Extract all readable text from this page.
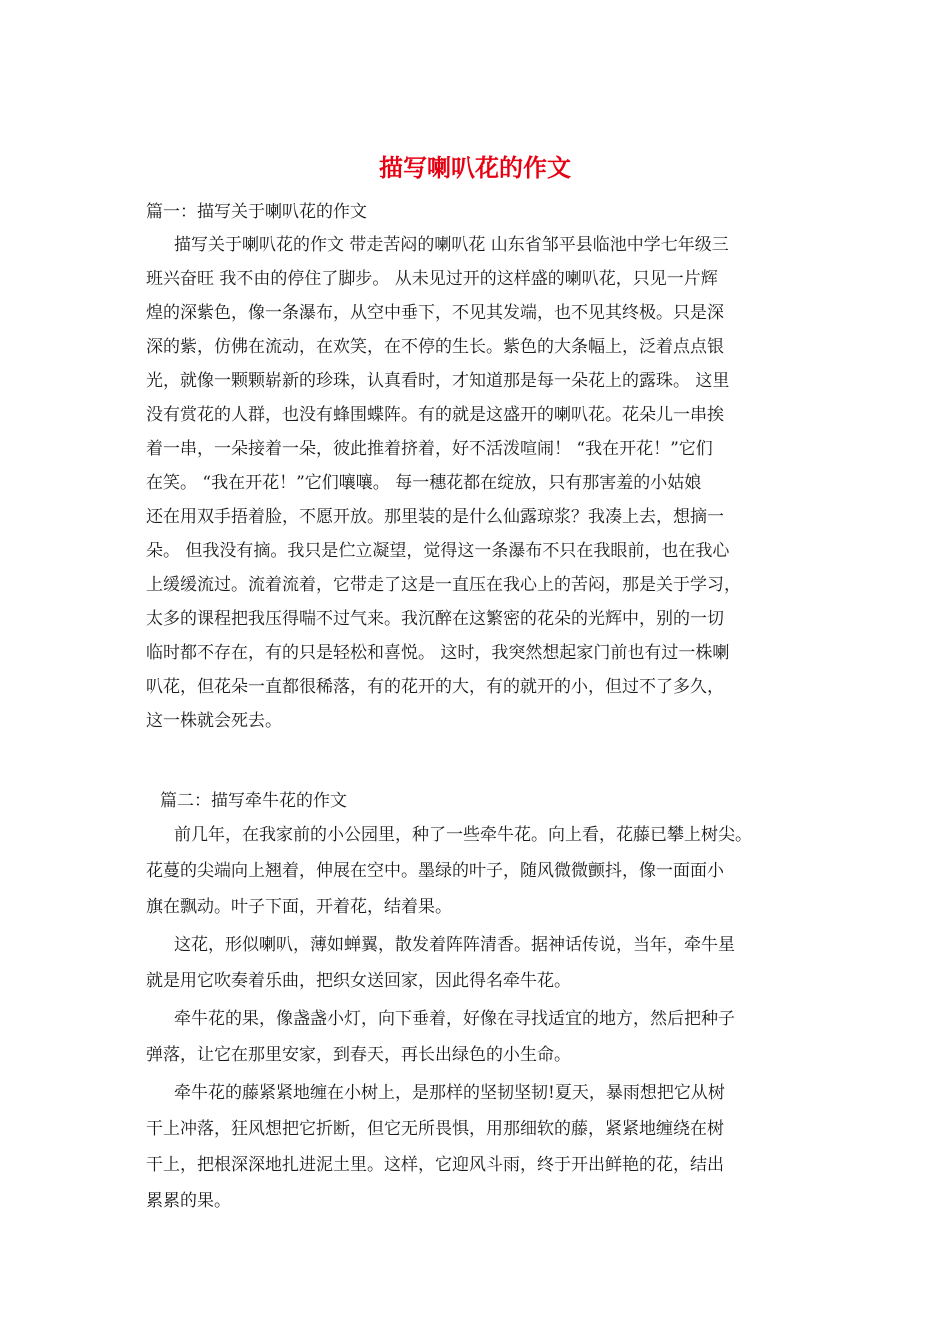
描写喇叭花的作文

篇一：描写关于喇叭花的作文

描写关于喇叭花的作文 带走苦闷的喇叭花 山东省邹平县临池中学七年级三

班兴奋旺 我不由的停住了脚步。 从未见过开的这样盛的喇叭花，只见一片辉

煌的深紫色，像一条瀑布，从空中垂下，不见其发端，也不见其终极。只是深

深的紫，仿佛在流动，在欢笑，在不停的生长。紫色的大条幅上，泛着点点银

光，就像一颗颗崭新的珍珠，认真看时，才知道那是每一朵花上的露珠。 这里

没有赏花的人群，也没有蜂围蝶阵。有的就是这盛开的喇叭花。花朵儿一串挨

着一串，一朵接着一朵，彼此推着挤着，好不活泼喧闹！ “我在开花！”它们

在笑。 “我在开花！”它们嚷嚷。 每一穗花都在绽放，只有那害羞的小姑娘

还在用双手捂着脸，不愿开放。那里装的是什么仙露琼浆？我凑上去，想摘一

朵。 但我没有摘。我只是伫立凝望，觉得这一条瀑布不只在我眼前，也在我心

上缓缓流过。流着流着，它带走了这是一直压在我心上的苦闷，那是关于学习，

太多的课程把我压得喘不过气来。我沉醉在这繁密的花朵的光辉中，别的一切

临时都不存在，有的只是轻松和喜悦。 这时，我突然想起家门前也有过一株喇

叭花，但花朵一直都很稀落，有的花开的大，有的就开的小，但过不了多久，

这一株就会死去。

篇二：描写牵牛花的作文

前几年，在我家前的小公园里，种了一些牵牛花。向上看，花藤已攀上树尖。

花蔓的尖端向上翘着，伸展在空中。墨绿的叶子，随风微微颤抖，像一面面小

旗在飘动。叶子下面，开着花，结着果。

这花，形似喇叭，薄如蝉翼，散发着阵阵清香。据神话传说，当年，牵牛星

就是用它吹奏着乐曲，把织女送回家，因此得名牵牛花。

牵牛花的果，像盏盏小灯，向下垂着，好像在寻找适宜的地方，然后把种子

弹落，让它在那里安家，到春天，再长出绿色的小生命。

牵牛花的藤紧紧地缠在小树上，是那样的坚韧坚韧!夏天，暴雨想把它从树

干上冲落，狂风想把它折断，但它无所畏惧，用那细软的藤，紧紧地缠绕在树

干上，把根深深地扎进泥土里。这样，它迎风斗雨，终于开出鲜艳的花，结出

累累的果。
